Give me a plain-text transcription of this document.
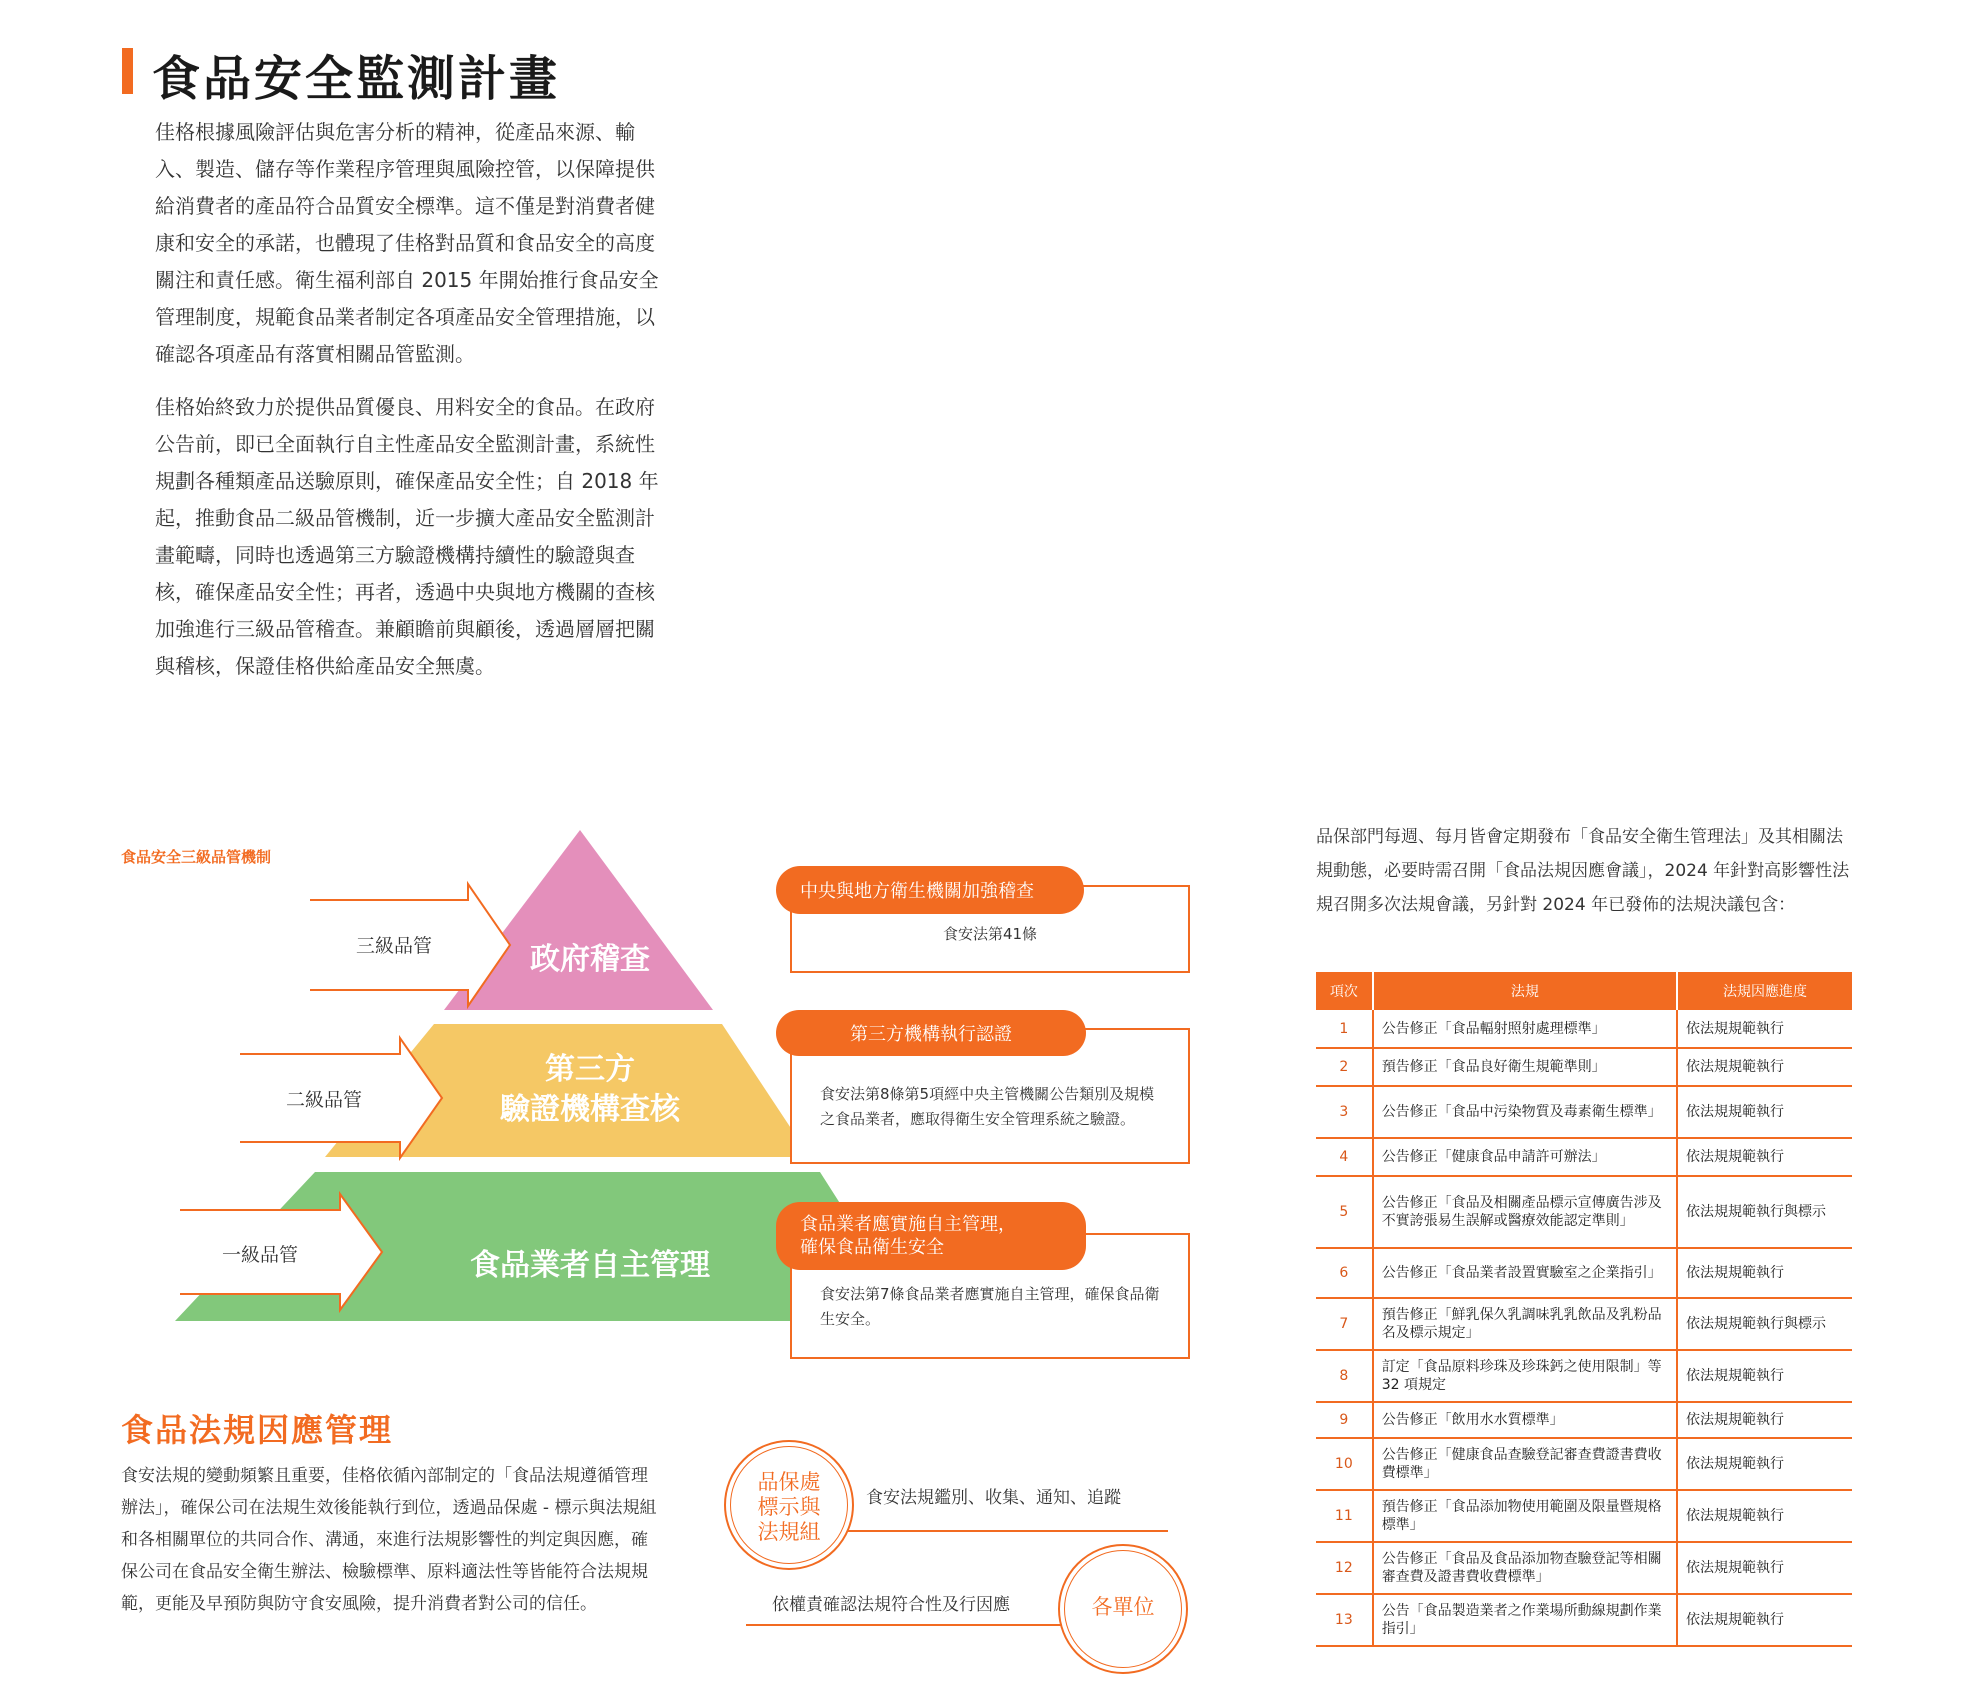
食品安全監測計畫

佳格根據風險評估與危害分析的精神，從產品來源、輸入、製造、儲存等作業程序管理與風險控管，以保障提供給消費者的產品符合品質安全標準。這不僅是對消費者健康和安全的承諾，也體現了佳格對品質和食品安全的高度關注和責任感。衛生福利部自 2015 年開始推行食品安全管理制度，規範食品業者制定各項產品安全管理措施，以確認各項產品有落實相關品管監測。

佳格始終致力於提供品質優良、用料安全的食品。在政府公告前，即已全面執行自主性產品安全監測計畫，系統性規劃各種類產品送驗原則，確保產品安全性；自 2018 年起，推動食品二級品管機制，近一步擴大產品安全監測計畫範疇，同時也透過第三方驗證機構持續性的驗證與查核，確保產品安全性；再者，透過中央與地方機關的查核加強進行三級品管稽查。兼顧瞻前與顧後，透過層層把關與稽核，保證佳格供給產品安全無虞。

食品安全三級品管機制
三級品管
二級品管
一級品管
政府稽查
第三方
驗證機構查核
食品業者自主管理
食安法第41條
中央與地方衛生機關加強稽查
食安法第8條第5項經中央主管機關公告類別及規模之食品業者，應取得衛生安全管理系統之驗證。
第三方機構執行認證
食安法第7條食品業者應實施自主管理，確保食品衛生安全。
食品業者應實施自主管理，
確保食品衛生安全
食品法規因應管理
食安法規的變動頻繁且重要，佳格依循內部制定的「食品法規遵循管理辦法」，確保公司在法規生效後能執行到位，透過品保處 - 標示與法規組和各相關單位的共同合作、溝通，來進行法規影響性的判定與因應，確保公司在食品安全衛生辦法、檢驗標準、原料適法性等皆能符合法規規範，更能及早預防與防守食安風險，提升消費者對公司的信任。
品保處
標示與
法規組
食安法規鑑別、收集、通知、追蹤
各單位
依權責確認法規符合性及行因應
品保部門每週、每月皆會定期發布「食品安全衛生管理法」及其相關法規動態，必要時需召開「食品法規因應會議」，2024 年針對高影響性法規召開多次法規會議，另針對 2024 年已發佈的法規決議包含：
項次	法規	法規因應進度
1	公告修正「食品輻射照射處理標準」	依法規規範執行
2	預告修正「食品良好衛生規範準則」	依法規規範執行
3	公告修正「食品中污染物質及毒素衛生標準」	依法規規範執行
4	公告修正「健康食品申請許可辦法」	依法規規範執行
5	公告修正「食品及相關產品標示宣傳廣告涉及不實誇張易生誤解或醫療效能認定準則」	依法規規範執行與標示
6	公告修正「食品業者設置實驗室之企業指引」	依法規規範執行
7	預告修正「鮮乳保久乳調味乳乳飲品及乳粉品名及標示規定」	依法規規範執行與標示
8	訂定「食品原料珍珠及珍珠鈣之使用限制」等 32 項規定	依法規規範執行
9	公告修正「飲用水水質標準」	依法規規範執行
10	公告修正「健康食品查驗登記審查費證書費收費標準」	依法規規範執行
11	預告修正「食品添加物使用範圍及限量暨規格標準」	依法規規範執行
12	公告修正「食品及食品添加物查驗登記等相關審查費及證書費收費標準」	依法規規範執行
13	公告「食品製造業者之作業場所動線規劃作業指引」	依法規規範執行
